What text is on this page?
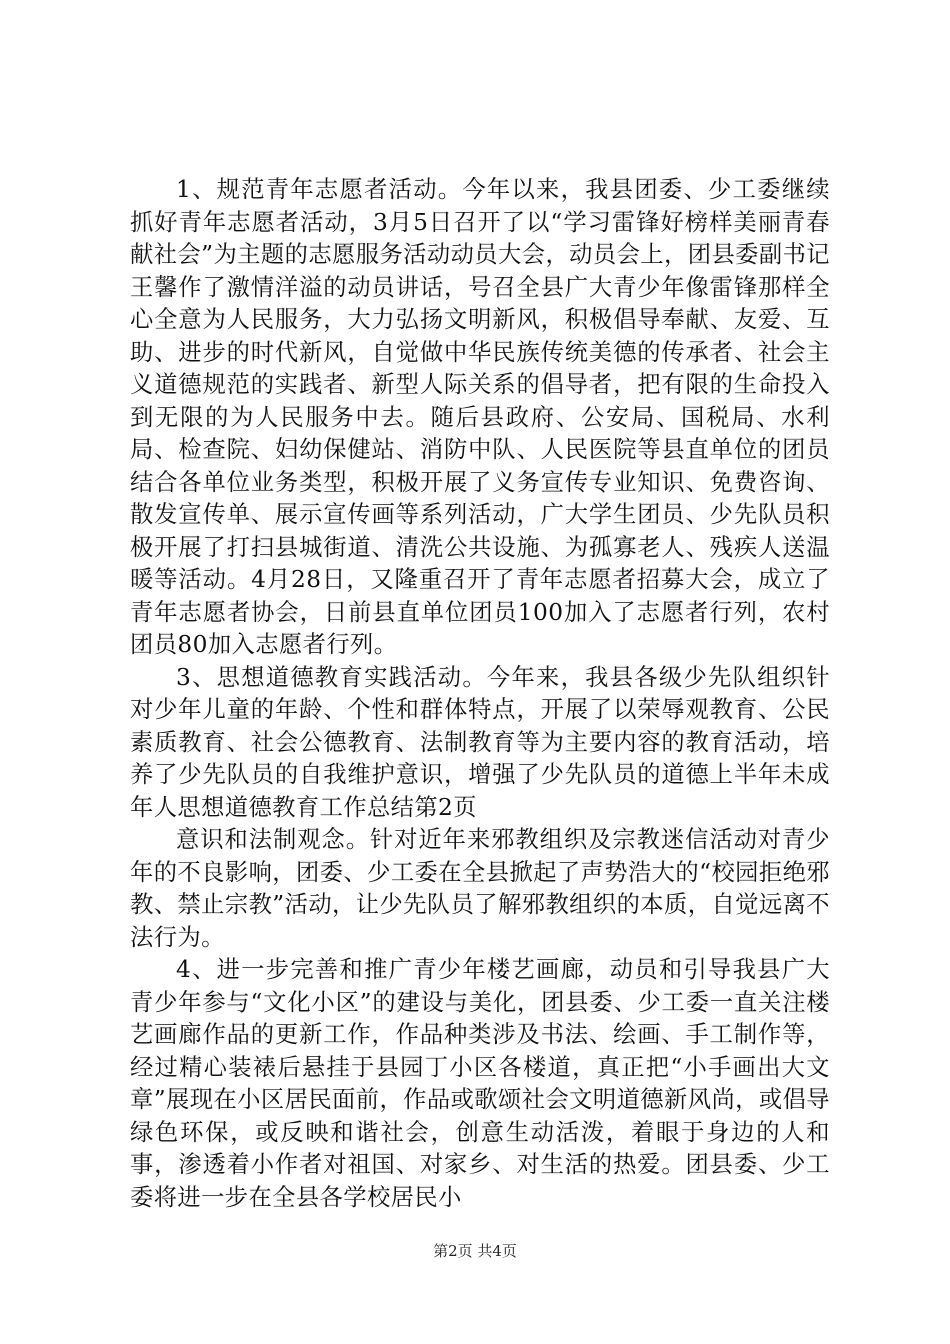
1、规范青年志愿者活动。今年以来，我县团委、少工委继续抓好青年志愿者活动，3月5日召开了以“学习雷锋好榜样美丽青春献社会”为主题的志愿服务活动动员大会，动员会上，团县委副书记王馨作了激情洋溢的动员讲话，号召全县广大青少年像雷锋那样全心全意为人民服务，大力弘扬文明新风，积极倡导奉献、友爱、互助、进步的时代新风，自觉做中华民族传统美德的传承者、社会主义道德规范的实践者、新型人际关系的倡导者，把有限的生命投入到无限的为人民服务中去。随后县政府、公安局、国税局、水利局、检查院、妇幼保健站、消防中队、人民医院等县直单位的团员结合各单位业务类型，积极开展了义务宣传专业知识、免费咨询、散发宣传单、展示宣传画等系列活动，广大学生团员、少先队员积极开展了打扫县城街道、清洗公共设施、为孤寡老人、残疾人送温暖等活动。4月28日，又隆重召开了青年志愿者招募大会，成立了青年志愿者协会，日前县直单位团员100加入了志愿者行列，农村团员80加入志愿者行列。

3、思想道德教育实践活动。今年来，我县各级少先队组织针对少年儿童的年龄、个性和群体特点，开展了以荣辱观教育、公民素质教育、社会公德教育、法制教育等为主要内容的教育活动，培养了少先队员的自我维护意识，增强了少先队员的道德上半年未成年人思想道德教育工作总结第2页

意识和法制观念。针对近年来邪教组织及宗教迷信活动对青少年的不良影响，团委、少工委在全县掀起了声势浩大的“校园拒绝邪教、禁止宗教”活动，让少先队员了解邪教组织的本质，自觉远离不法行为。

4、进一步完善和推广青少年楼艺画廊，动员和引导我县广大青少年参与“文化小区”的建设与美化，团县委、少工委一直关注楼艺画廊作品的更新工作，作品种类涉及书法、绘画、手工制作等，经过精心装裱后悬挂于县园丁小区各楼道，真正把“小手画出大文章”展现在小区居民面前，作品或歌颂社会文明道德新风尚，或倡导绿色环保，或反映和谐社会，创意生动活泼，着眼于身边的人和事，渗透着小作者对祖国、对家乡、对生活的热爱。团县委、少工委将进一步在全县各学校居民小

第2页 共4页
